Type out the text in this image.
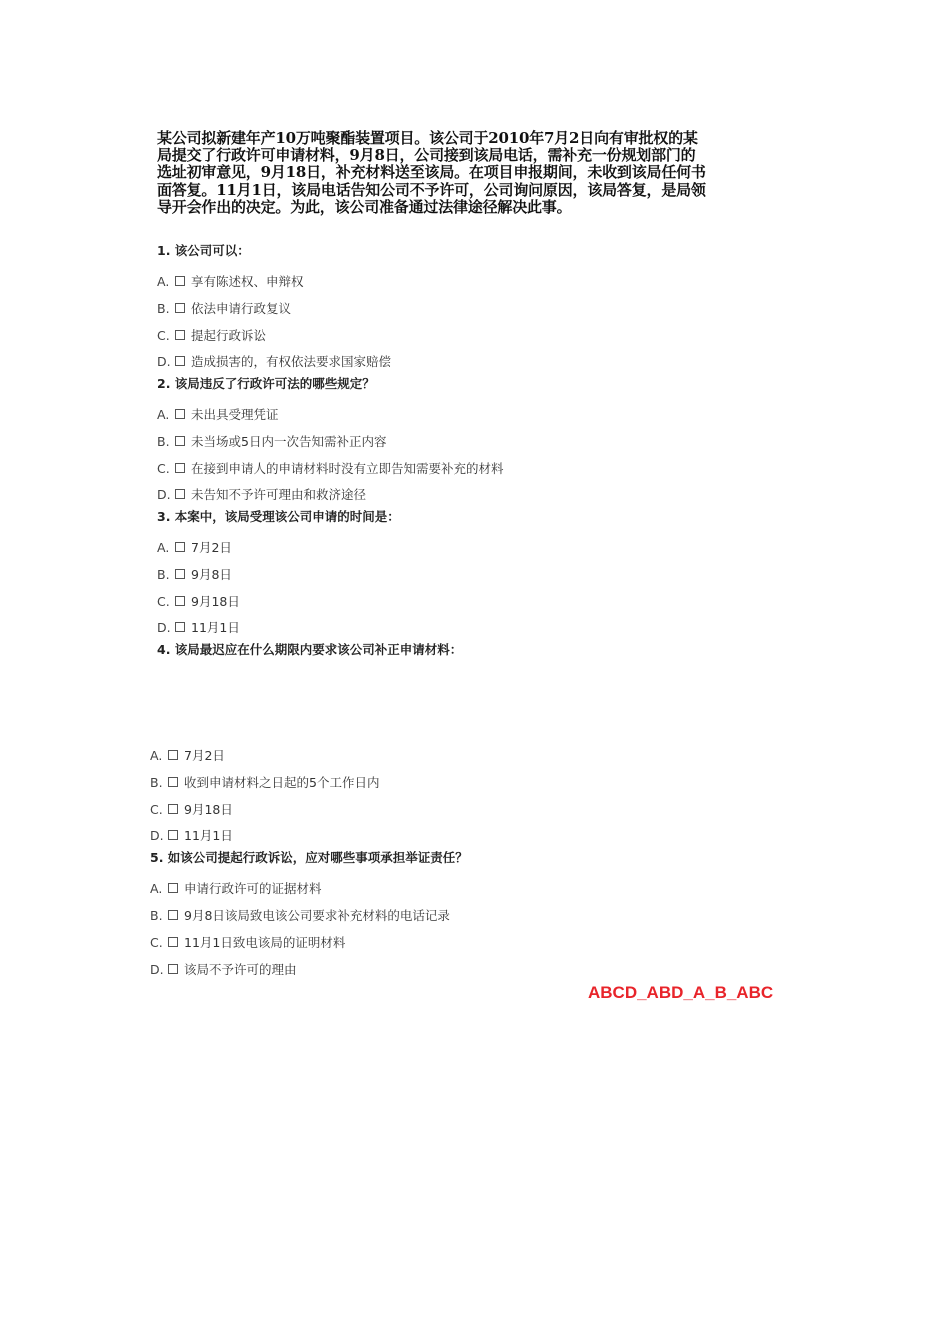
某公司拟新建年产10万吨聚酯装置项目。该公司于2010年7月2日向有审批权的某局提交了行政许可申请材料，9月8日，公司接到该局电话，需补充一份规划部门的选址初审意见，9月18日，补充材料送至该局。在项目申报期间，未收到该局任何书面答复。11月1日，该局电话告知公司不予许可，公司询问原因，该局答复，是局领导开会作出的决定。为此，该公司准备通过法律途径解决此事。
1. 该公司可以：
A.	享有陈述权、申辩权
B.	依法申请行政复议
C.	提起行政诉讼
D.	造成损害的，有权依法要求国家赔偿
2. 该局违反了行政许可法的哪些规定？
A.	未出具受理凭证
B.	未当场或5日内一次告知需补正内容
C.	在接到申请人的申请材料时没有立即告知需要补充的材料
D.	未告知不予许可理由和救济途径
3. 本案中，该局受理该公司申请的时间是：
A.	7月2日
B.	9月8日
C.	9月18日
D.	11月1日
4. 该局最迟应在什么期限内要求该公司补正申请材料：
A.	7月2日
B.	收到申请材料之日起的5个工作日内
C.	9月18日
D.	11月1日
5. 如该公司提起行政诉讼，应对哪些事项承担举证责任？
A.	申请行政许可的证据材料
B.	9月8日该局致电该公司要求补充材料的电话记录
C.	11月1日致电该局的证明材料
D.	该局不予许可的理由
ABCD_ABD_A_B_ABC
